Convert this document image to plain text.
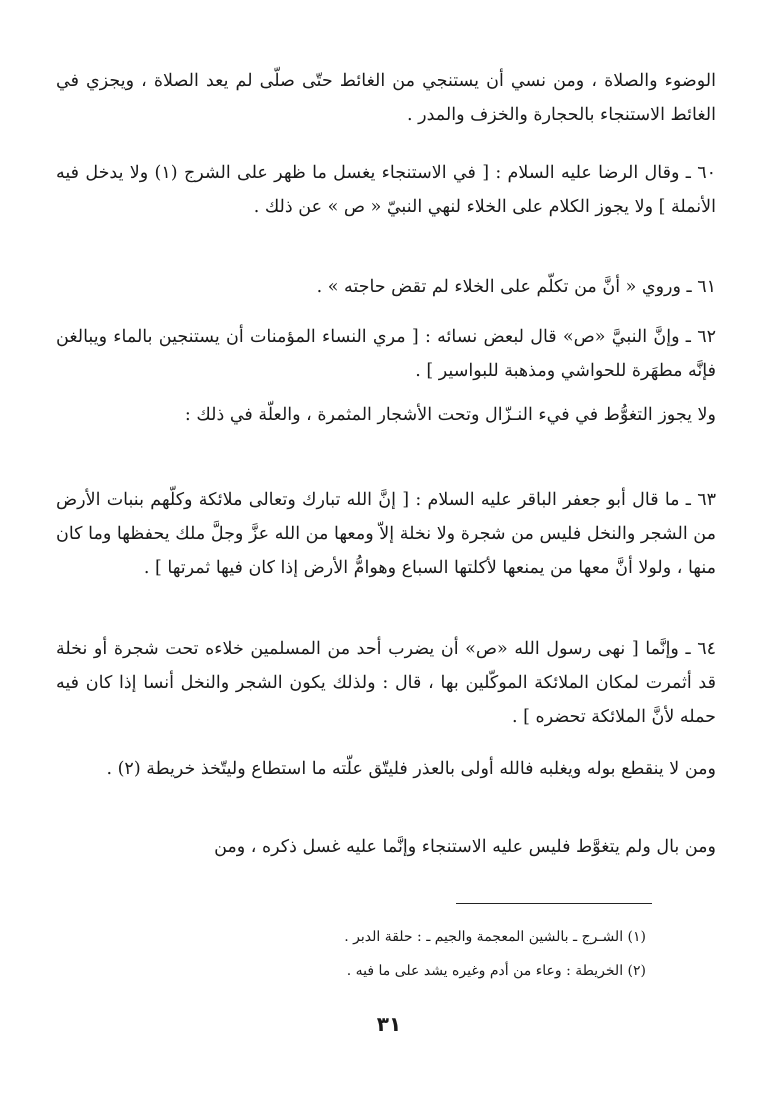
الوضوء والصلاة ، ومن نسي أن يستنجي من الغائط حتّى صلّى لم يعد الصلاة ، ويجزي في الغائط الاستنجاء بالحجارة والخزف والمدر .

٦٠ ـ وقال الرضا عليه السلام : [ في الاستنجاء يغسل ما ظهر على الشرج (١) ولا يدخل فيه الأنملة ] ولا يجوز الكلام على الخلاء لنهي النبيّ « ص » عن ذلك .

٦١ ـ وروي « أنَّ من تكلّم على الخلاء لم تقض حاجته » .

٦٢ ـ وإنَّ النبيَّ «ص» قال لبعض نسائه : [ مري النساء المؤمنات أن يستنجين بالماء ويبالغن فإنَّه مطهَرة للحواشي ومذهبة للبواسير ] .

ولا يجوز التغوُّط في فيء النـزّال وتحت الأشجار المثمرة ، والعلّة في ذلك :

٦٣ ـ ما قال أبو جعفر الباقر عليه السلام : [ إنَّ الله تبارك وتعالى ملائكة وكلّهم بنبات الأرض من الشجر والنخل فليس من شجرة ولا نخلة إلاّ ومعها من الله عزَّ وجلَّ ملك يحفظها وما كان منها ، ولولا أنَّ معها من يمنعها لأكلتها السباع وهوامُّ الأرض إذا كان فيها ثمرتها ] .

٦٤ ـ وإنَّما [ نهى رسول الله «ص» أن يضرب أحد من المسلمين خلاءه تحت شجرة أو نخلة قد أثمرت لمكان الملائكة الموكّلين بها ، قال : ولذلك يكون الشجر والنخل أنسا إذا كان فيه حمله لأنَّ الملائكة تحضره ] .

ومن لا ينقطع بوله ويغلبه فالله أولى بالعذر فليتّق علّته ما استطاع وليتّخذ خريطة (٢) .

ومن بال ولم يتغوَّط فليس عليه الاستنجاء وإنَّما عليه غسل ذكره ، ومن

(١) الشـرج ـ بالشين المعجمة والجيم ـ : حلقة الدبر .
(٢) الخريطة : وعاء من أدم وغيره يشد على ما فيه .
٣١
